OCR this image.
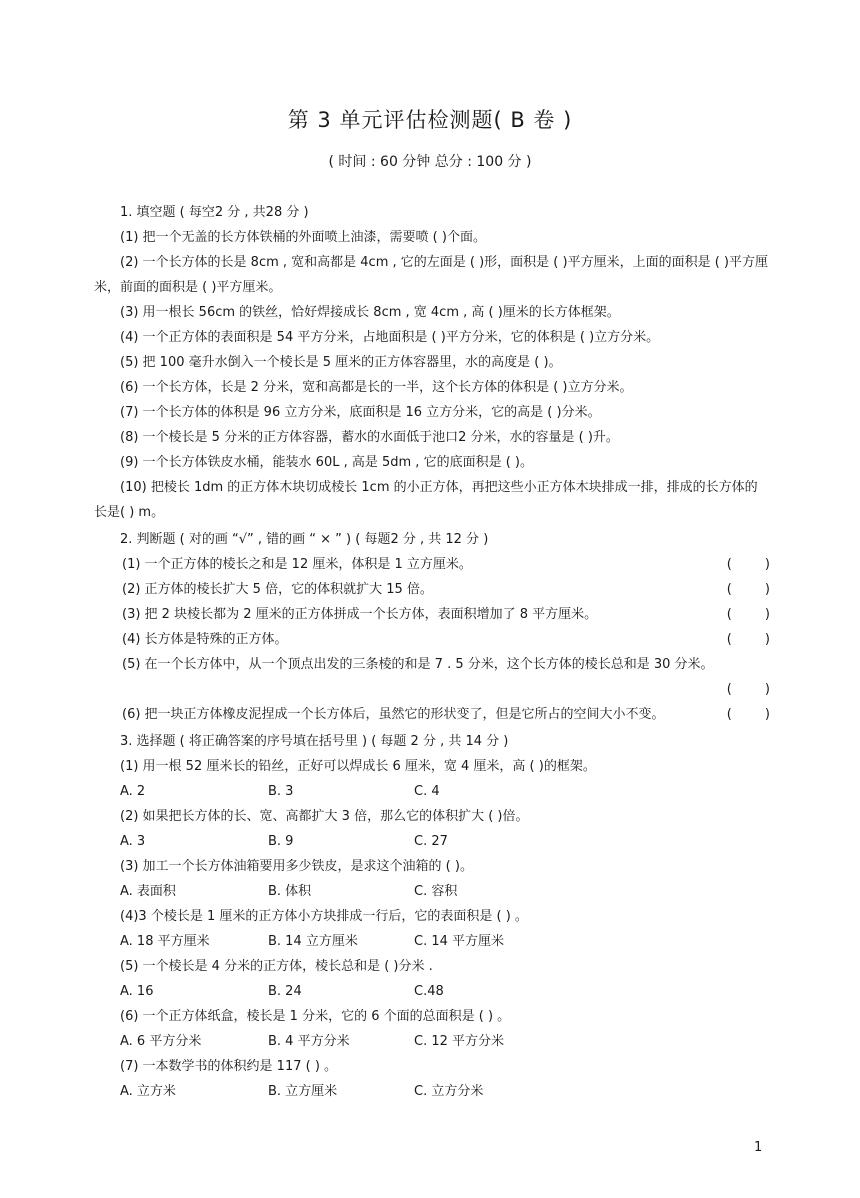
第 3 单元评估检测题( B 卷 )
( 时间 : 60 分钟 总分 : 100 分 )
1. 填空题 ( 每空2 分 , 共28 分 )
(1) 把一个无盖的长方体铁桶的外面喷上油漆，需要喷 ( )个面。
(2) 一个长方体的长是 8cm , 宽和高都是 4cm , 它的左面是 ( )形，面积是 ( )平方厘米，上面的面积是 ( )平方厘米，前面的面积是 ( )平方厘米。
(3) 用一根长 56cm 的铁丝，恰好焊接成长 8cm , 宽 4cm , 高 ( )厘米的长方体框架。
(4) 一个正方体的表面积是 54 平方分米，占地面积是 ( )平方分米，它的体积是 ( )立方分米。
(5) 把 100 毫升水倒入一个棱长是 5 厘米的正方体容器里，水的高度是 ( )。
(6) 一个长方体，长是 2 分米，宽和高都是长的一半，这个长方体的体积是 ( )立方分米。
(7) 一个长方体的体积是 96 立方分米，底面积是 16 立方分米，它的高是 ( )分米。
(8) 一个棱长是 5 分米的正方体容器，蓄水的水面低于池口2 分米，水的容量是 ( )升。
(9) 一个长方体铁皮水桶，能装水 60L , 高是 5dm , 它的底面积是 ( )。
(10) 把棱长 1dm 的正方体木块切成棱长 1cm 的小正方体，再把这些小正方体木块排成一排，排成的长方体的长是( ) m。
2. 判断题 ( 对的画 “√” , 错的画 “ × ” ) ( 每题2 分 , 共 12 分 )
(1) 一个正方体的棱长之和是 12 厘米，体积是 1 立方厘米。	(        )
(2) 正方体的棱长扩大 5 倍，它的体积就扩大 15 倍。	(        )
(3) 把 2 块棱长都为 2 厘米的正方体拼成一个长方体，表面积增加了 8 平方厘米。	(        )
(4) 长方体是特殊的正方体。	(        )
(5) 在一个长方体中，从一个顶点出发的三条棱的和是 7 . 5 分米，这个长方体的棱长总和是 30 分米。
(        )
(6) 把一块正方体橡皮泥捏成一个长方体后，虽然它的形状变了，但是它所占的空间大小不变。	(        )
3. 选择题 ( 将正确答案的序号填在括号里 ) ( 每题 2 分 , 共 14 分 )
(1) 用一根 52 厘米长的铅丝，正好可以焊成长 6 厘米，宽 4 厘米，高 ( )的框架。
A. 2	B. 3	C. 4
(2) 如果把长方体的长、宽、高都扩大 3 倍，那么它的体积扩大 ( )倍。
A. 3	B. 9	C. 27
(3) 加工一个长方体油箱要用多少铁皮，是求这个油箱的 ( )。
A. 表面积	B. 体积	C. 容积
(4)3 个棱长是 1 厘米的正方体小方块排成一行后，它的表面积是 ( ) 。
A. 18 平方厘米	B. 14 立方厘米	C. 14 平方厘米
(5) 一个棱长是 4 分米的正方体，棱长总和是 ( )分米 .
A. 16	B. 24	C.48
(6) 一个正方体纸盒，棱长是 1 分米，它的 6 个面的总面积是 ( ) 。
A. 6 平方分米	B. 4 平方分米	C. 12 平方分米
(7) 一本数学书的体积约是 117 ( ) 。
A. 立方米	B. 立方厘米	C. 立方分米
1
